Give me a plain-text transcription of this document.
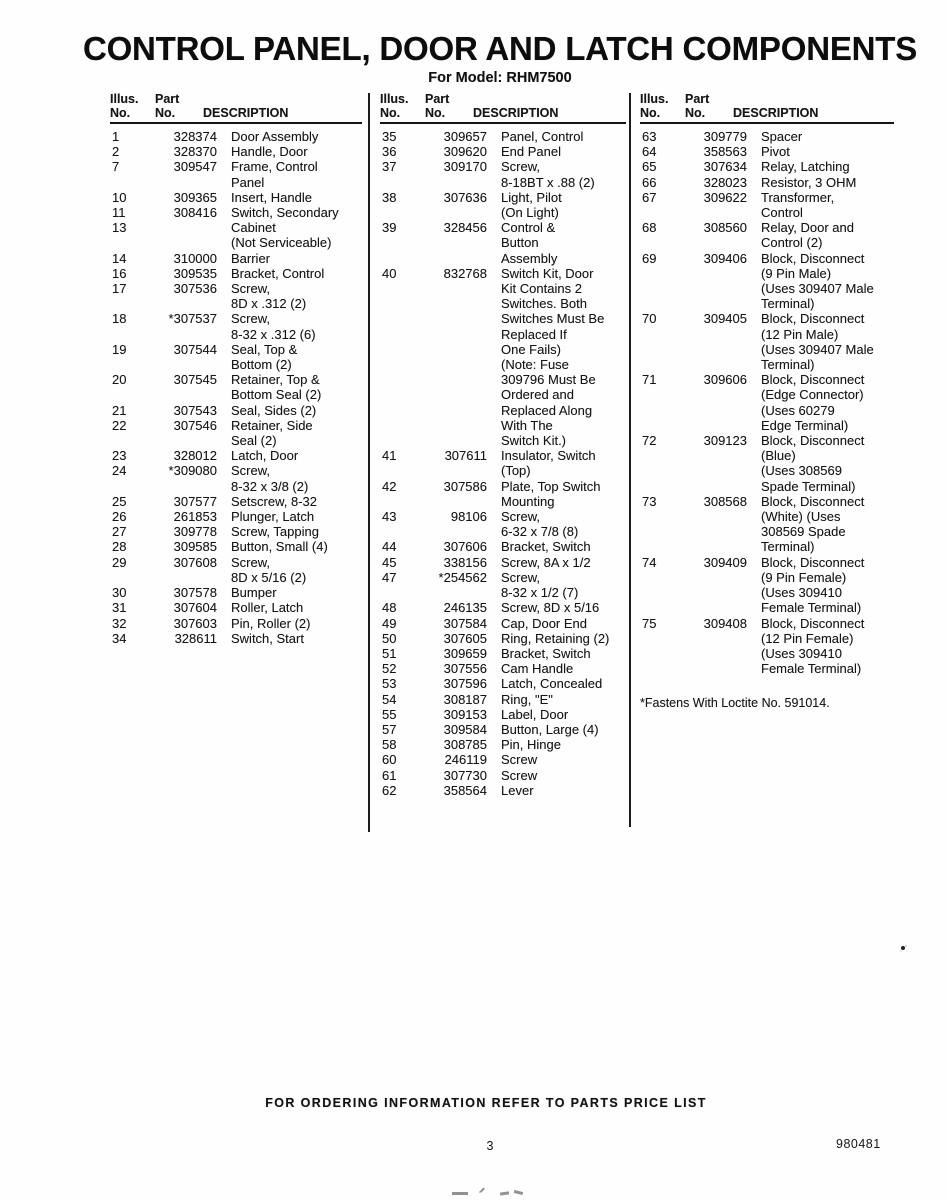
CONTROL PANEL, DOOR AND LATCH COMPONENTS
For Model: RHM7500
Illus.
No.
Part
No.	DESCRIPTION
1	328374 Door Assembly
2	328370 Handle, Door
7	309547 Frame, Control
Panel
10	309365 Insert, Handle
11	308416 Switch, Secondary
13	Cabinet
(Not Serviceable)
14	310000 Barrier
16	309535 Bracket, Control
17	307536 Screw,
8D x .312 (2)
18	*307537 Screw,
8-32 x .312 (6)
19	307544 Seal, Top &
Bottom (2)
20	307545 Retainer, Top &
Bottom Seal (2)
21	307543 Seal, Sides (2)
22	307546 Retainer, Side
Seal (2)
23	328012 Latch, Door
24	*309080 Screw,
8-32 x 3/8 (2)
25	307577 Setscrew, 8-32
26	261853 Plunger, Latch
27	309778 Screw, Tapping
28	309585 Button, Small (4)
29	307608 Screw,
8D x 5/16 (2)
30	307578 Bumper
31	307604 Roller, Latch
32	307603 Pin, Roller (2)
34	328611 Switch, Start
Illus.
No.
Part
No.	DESCRIPTION
35	309657 Panel, Control
36	309620 End Panel
37	309170 Screw,
8-18BT x .88 (2)
38	307636 Light, Pilot
(On Light)
39	328456 Control &
Button
Assembly
40	832768 Switch Kit, Door
Kit Contains 2
Switches. Both
Switches Must Be
Replaced If
One Fails)
(Note: Fuse
309796 Must Be
Ordered and
Replaced Along
With The
Switch Kit.)
41	307611 Insulator, Switch
(Top)
42	307586 Plate, Top Switch
Mounting
43	98106 Screw,
6-32 x 7/8 (8)
44	307606 Bracket, Switch
45	338156 Screw, 8A x 1/2
47	*254562 Screw,
8-32 x 1/2 (7)
48	246135 Screw, 8D x 5/16
49	307584 Cap, Door End
50	307605 Ring, Retaining (2)
51	309659 Bracket, Switch
52	307556 Cam Handle
53	307596 Latch, Concealed
54	308187 Ring, "E"
55	309153 Label, Door
57	309584 Button, Large (4)
58	308785 Pin, Hinge
60	246119 Screw
61	307730 Screw
62	358564 Lever
Illus.
No.
Part
No.	DESCRIPTION
63	309779 Spacer
64	358563 Pivot
65	307634 Relay, Latching
66	328023 Resistor, 3 OHM
67	309622 Transformer,
Control
68	308560 Relay, Door and
Control (2)
69	309406 Block, Disconnect
(9 Pin Male)
(Uses 309407 Male
Terminal)
70	309405 Block, Disconnect
(12 Pin Male)
(Uses 309407 Male
Terminal)
71	309606 Block, Disconnect
(Edge Connector)
(Uses 60279
Edge Terminal)
72	309123 Block, Disconnect
(Blue)
(Uses 308569
Spade Terminal)
73	308568 Block, Disconnect
(White) (Uses
308569 Spade
Terminal)
74	309409 Block, Disconnect
(9 Pin Female)
(Uses 309410
Female Terminal)
75	309408 Block, Disconnect
(12 Pin Female)
(Uses 309410
Female Terminal)
*Fastens With Loctite No. 591014.
FOR ORDERING INFORMATION REFER TO PARTS PRICE LIST
3	980481
